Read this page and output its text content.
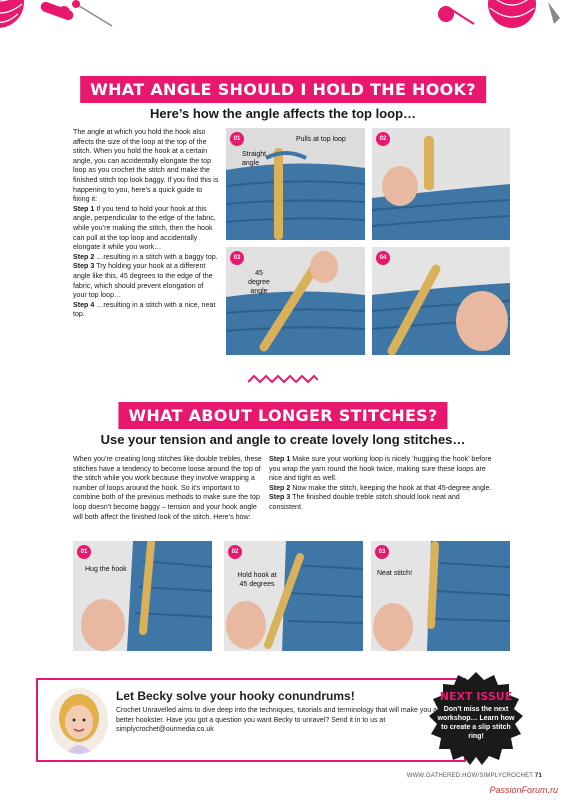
WHAT ANGLE SHOULD I HOLD THE HOOK?
Here’s how the angle affects the top loop…

The angle at which you hold the hook also affects the size of the loop at the top of the stitch. When you hold the hook at a certain angle, you can accidentally elongate the top loop as you crochet the stitch and make the finished stitch top look baggy. If you find this is happening to you, here’s a quick guide to fixing it:

Step 1 If you tend to hold your hook at this angle, perpendicular to the edge of the fabric, while you’re making the stitch, then the hook can pull at the top loop and accidentally elongate it while you work…

Step 2 …resulting in a stitch with a baggy top.

Step 3 Try holding your hook at a different angle like this, 45 degrees to the edge of the fabric, which should prevent elongation of your top loop…

Step 4 …resulting in a stitch with a nice, neat top.

01
Straight angle
Pulls at top loop	02
03
45 degree angle
04
WHAT ABOUT LONGER STITCHES?
Use your tension and angle to create lovely long stitches…

When you’re creating long stitches like double trebles, these stitches have a tendency to become loose around the top of the stitch while you work because they involve wrapping a number of loops around the hook. So it’s important to combine both of the previous methods to make sure the top loop doesn’t become baggy – tension and your hook angle will both affect the finished look of the stitch. Here’s how:

Step 1 Make sure your working loop is nicely ‘hugging the hook’ before you wrap the yarn round the hook twice, making sure these loops are nice and tight as well.

Step 2 Now make the stitch, keeping the hook at that 45-degree angle.

Step 3 The finished double treble stitch should look neat and consistent.

01
Hug the hook
02
Hold hook at 45 degrees
03
Neat stitch!
Let Becky solve your hooky conundrums!
Crochet Unravelled aims to dive deep into the techniques, tutorials and terminology that will make you a better hookster. Have you got a question you want Becky to unravel? Send it in to us at simplycrochet@ourmedia.co.uk
NEXT ISSUE
Don’t miss the next workshop… Learn how to create a slip stitch ring!
WWW.GATHERED.HOW/SIMPLYCROCHET 71
PassionForum.ru
